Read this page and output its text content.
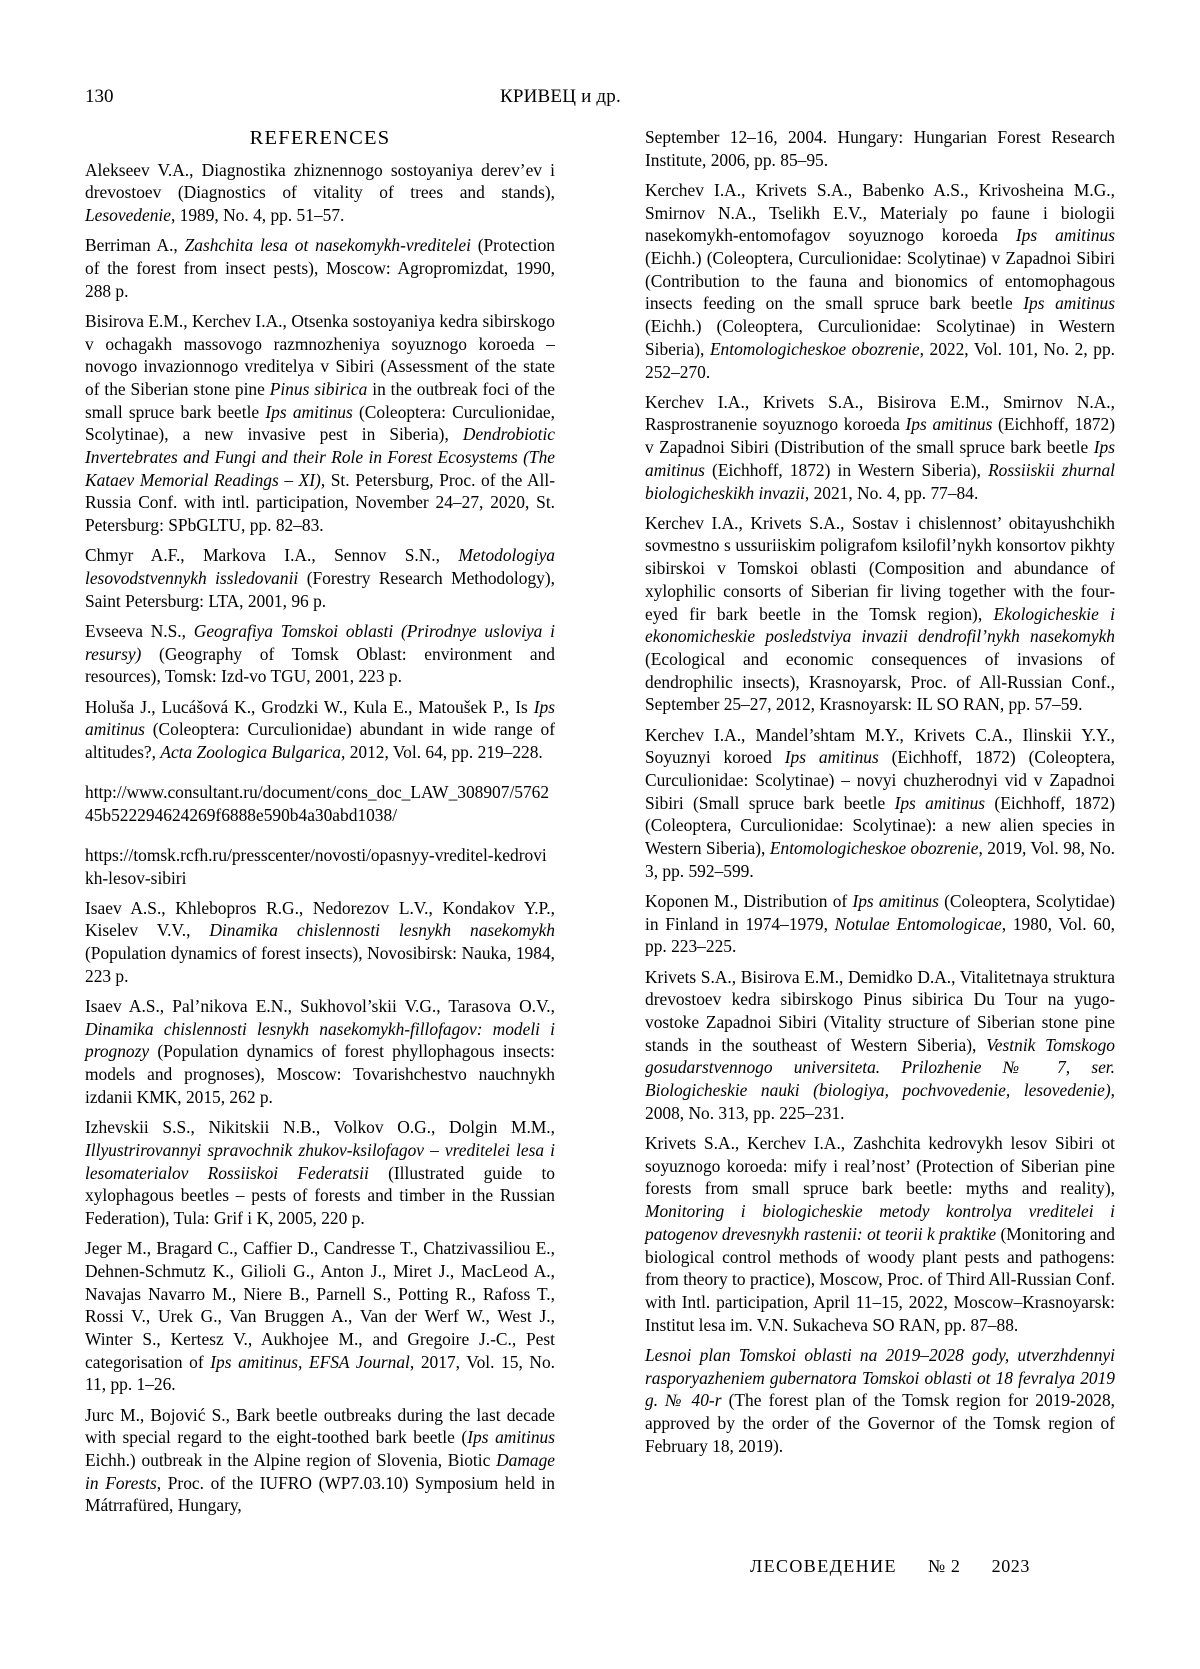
130	КРИВЕЦ и др.
REFERENCES

Alekseev V.A., Diagnostika zhiznennogo sostoyaniya derev’ev i drevostoev (Diagnostics of vitality of trees and stands), Lesovedenie, 1989, No. 4, pp. 51–57.

Berriman A., Zashchita lesa ot nasekomykh-vreditelei (Protection of the forest from insect pests), Moscow: Agropromizdat, 1990, 288 p.

Bisirova E.M., Kerchev I.A., Otsenka sostoyaniya kedra sibirskogo v ochagakh massovogo razmnozheniya soyuznogo koroeda – novogo invazionnogo vreditelya v Sibiri (Assessment of the state of the Siberian stone pine Pinus sibirica in the outbreak foci of the small spruce bark beetle Ips amitinus (Coleoptera: Curculionidae, Scolytinae), a new invasive pest in Siberia), Dendrobiotic Invertebrates and Fungi and their Role in Forest Ecosystems (The Kataev Memorial Readings – XI), St. Petersburg, Proc. of the All-Russia Conf. with intl. participation, November 24–27, 2020, St. Petersburg: SPbGLTU, pp. 82–83.

Chmyr A.F., Markova I.A., Sennov S.N., Metodologiya lesovodstvennykh issledovanii (Forestry Research Methodology), Saint Petersburg: LTA, 2001, 96 p.

Evseeva N.S., Geografiya Tomskoi oblasti (Prirodnye usloviya i resursy) (Geography of Tomsk Oblast: environment and resources), Tomsk: Izd-vo TGU, 2001, 223 p.

Holuša J., Lucášová K., Grodzki W., Kula E., Matoušek P., Is Ips amitinus (Coleoptera: Curculionidae) abundant in wide range of altitudes?, Acta Zoologica Bulgarica, 2012, Vol. 64, pp. 219–228.

http://www.consultant.ru/document/cons_doc_LAW_308907/576245b522294624269f6888e590b4a30abd1038/

https://tomsk.rcfh.ru/presscenter/novosti/opasnyy-vreditel-kedrovikh-lesov-sibiri

Isaev A.S., Khlebopros R.G., Nedorezov L.V., Kondakov Y.P., Kiselev V.V., Dinamika chislennosti lesnykh nasekomykh (Population dynamics of forest insects), Novosibirsk: Nauka, 1984, 223 p.

Isaev A.S., Pal’nikova E.N., Sukhovol’skii V.G., Tarasova O.V., Dinamika chislennosti lesnykh nasekomykh-fillofagov: modeli i prognozy (Population dynamics of forest phyllophagous insects: models and prognoses), Moscow: Tovarishchestvo nauchnykh izdanii KMK, 2015, 262 p.

Izhevskii S.S., Nikitskii N.B., Volkov O.G., Dolgin M.M., Illyustrirovannyi spravochnik zhukov-ksilofagov – vreditelei lesa i lesomaterialov Rossiiskoi Federatsii (Illustrated guide to xylophagous beetles – pests of forests and timber in the Russian Federation), Tula: Grif i K, 2005, 220 p.

Jeger M., Bragard C., Caffier D., Candresse T., Chatzivassiliou E., Dehnen-Schmutz K., Gilioli G., Anton J., Miret J., MacLeod A., Navajas Navarro M., Niere B., Parnell S., Potting R., Rafoss T., Rossi V., Urek G., Van Bruggen A., Van der Werf W., West J., Winter S., Kertesz V., Aukhojee M., and Gregoire J.-C., Pest categorisation of Ips amitinus, EFSA Journal, 2017, Vol. 15, No. 11, pp. 1–26.

Jurc M., Bojović S., Bark beetle outbreaks during the last decade with special regard to the eight-toothed bark beetle (Ips amitinus Eichh.) outbreak in the Alpine region of Slovenia, Biotic Damage in Forests, Proc. of the IUFRO (WP7.03.10) Symposium held in Mátrrafüred, Hungary,

September 12–16, 2004. Hungary: Hungarian Forest Research Institute, 2006, pp. 85–95.

Kerchev I.A., Krivets S.A., Babenko A.S., Krivosheina M.G., Smirnov N.A., Tselikh E.V., Materialy po faune i biologii nasekomykh-entomofagov soyuznogo koroeda Ips amitinus (Eichh.) (Coleoptera, Curculionidae: Scolytinae) v Zapadnoi Sibiri (Contribution to the fauna and bionomics of entomophagous insects feeding on the small spruce bark beetle Ips amitinus (Eichh.) (Coleoptera, Curculionidae: Scolytinae) in Western Siberia), Entomologicheskoe obozrenie, 2022, Vol. 101, No. 2, pp. 252–270.

Kerchev I.A., Krivets S.A., Bisirova E.M., Smirnov N.A., Rasprostranenie soyuznogo koroeda Ips amitinus (Eichhoff, 1872) v Zapadnoi Sibiri (Distribution of the small spruce bark beetle Ips amitinus (Eichhoff, 1872) in Western Siberia), Rossiiskii zhurnal biologicheskikh invazii, 2021, No. 4, pp. 77–84.

Kerchev I.A., Krivets S.A., Sostav i chislennost’ obitayushchikh sovmestno s ussuriiskim poligrafom ksilofil’nykh konsortov pikhty sibirskoi v Tomskoi oblasti (Composition and abundance of xylophilic consorts of Siberian fir living together with the four-eyed fir bark beetle in the Tomsk region), Ekologicheskie i ekonomicheskie posledstviya invazii dendrofil’nykh nasekomykh (Ecological and economic consequences of invasions of dendrophilic insects), Krasnoyarsk, Proc. of All-Russian Conf., September 25–27, 2012, Krasnoyarsk: IL SO RAN, pp. 57–59.

Kerchev I.A., Mandel’shtam M.Y., Krivets C.A., Ilinskii Y.Y., Soyuznyi koroed Ips amitinus (Eichhoff, 1872) (Coleoptera, Curculionidae: Scolytinae) – novyi chuzherodnyi vid v Zapadnoi Sibiri (Small spruce bark beetle Ips amitinus (Eichhoff, 1872) (Coleoptera, Curculionidae: Scolytinae): a new alien species in Western Siberia), Entomologicheskoe obozrenie, 2019, Vol. 98, No. 3, pp. 592–599.

Koponen M., Distribution of Ips amitinus (Coleoptera, Scolytidae) in Finland in 1974–1979, Notulae Entomologicae, 1980, Vol. 60, pp. 223–225.

Krivets S.A., Bisirova E.M., Demidko D.A., Vitalitetnaya struktura drevostoev kedra sibirskogo Pinus sibirica Du Tour na yugo-vostoke Zapadnoi Sibiri (Vitality structure of Siberian stone pine stands in the southeast of Western Siberia), Vestnik Tomskogo gosudarstvennogo universiteta. Prilozhenie № 7, ser. Biologicheskie nauki (biologiya, pochvovedenie, lesovedenie), 2008, No. 313, pp. 225–231.

Krivets S.A., Kerchev I.A., Zashchita kedrovykh lesov Sibiri ot soyuznogo koroeda: mify i real’nost’ (Protection of Siberian pine forests from small spruce bark beetle: myths and reality), Monitoring i biologicheskie metody kontrolya vreditelei i patogenov drevesnykh rastenii: ot teorii k praktike (Monitoring and biological control methods of woody plant pests and pathogens: from theory to practice), Moscow, Proc. of Third All-Russian Conf. with Intl. participation, April 11–15, 2022, Moscow–Krasnoyarsk: Institut lesa im. V.N. Sukacheva SO RAN, pp. 87–88.

Lesnoi plan Tomskoi oblasti na 2019–2028 gody, utverzhdennyi rasporyazheniem gubernatora Tomskoi oblasti ot 18 fevralya 2019 g. № 40-r (The forest plan of the Tomsk region for 2019-2028, approved by the order of the Governor of the Tomsk region of February 18, 2019).

ЛЕСОВЕДЕНИЕ № 2 2023
